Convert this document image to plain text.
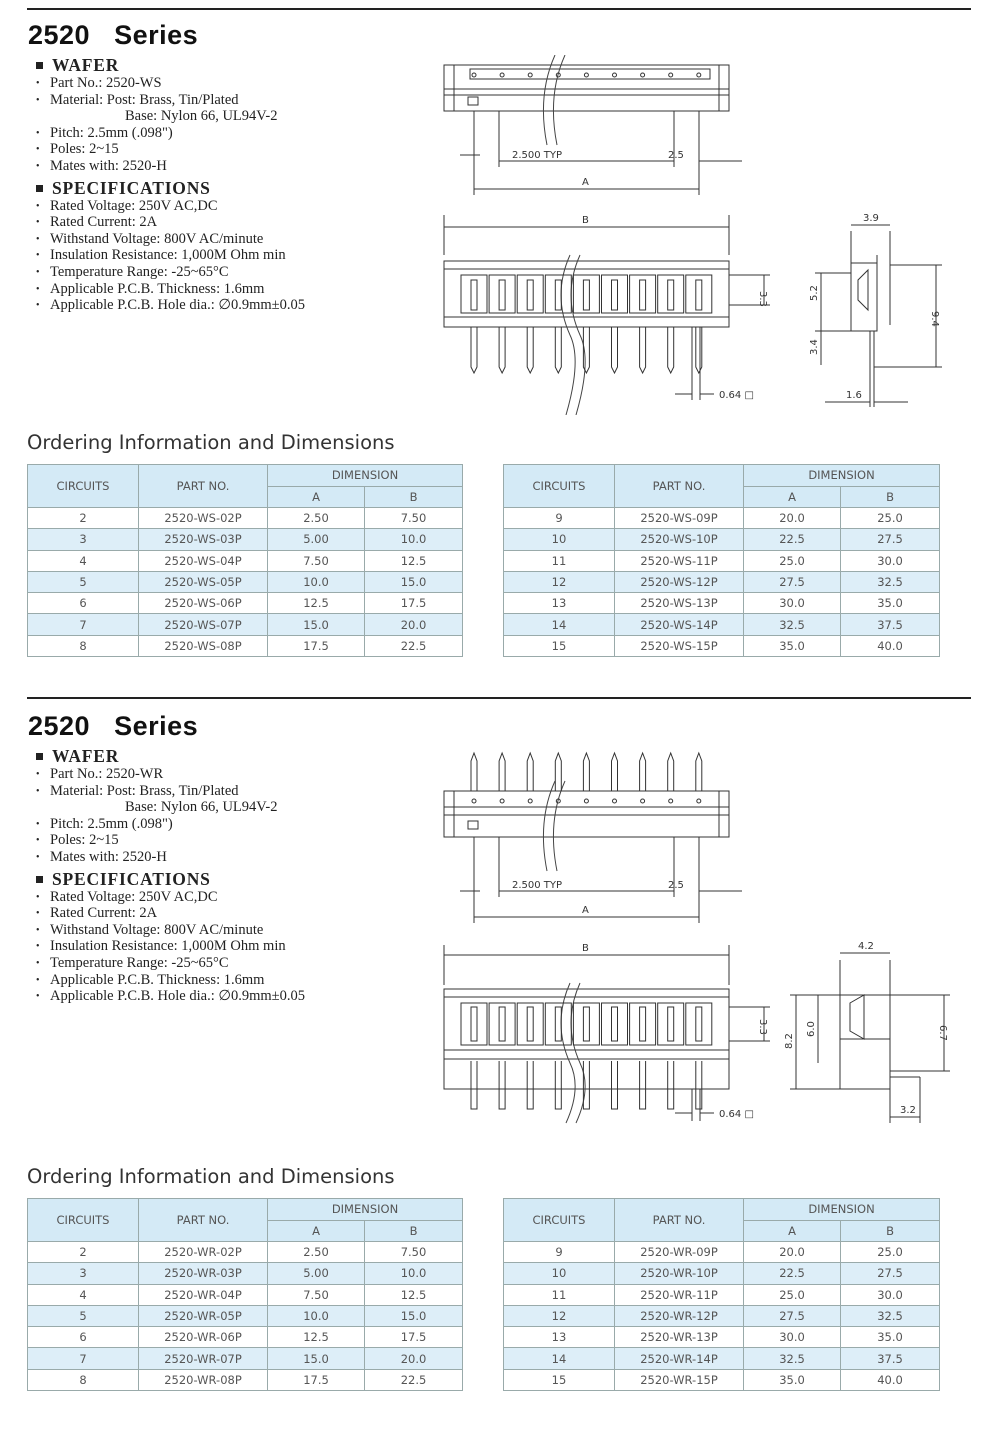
2520 Series
WAFER
• Part No.: 2520-WS
• Material: Post: Brass, Tin/Plated
Base: Nylon 66, UL94V-2
• Pitch: 2.5mm (.098")
• Poles: 2~15
• Mates with: 2520-H
SPECIFICATIONS
• Rated Voltage: 250V AC,DC
• Rated Current: 2A
• Withstand Voltage: 800V AC/minute
• Insulation Resistance: 1,000M Ohm min
• Temperature Range: -25~65°C
• Applicable P.C.B. Thickness: 1.6mm
• Applicable P.C.B. Hole dia.: ∅0.9mm±0.05
2.500 TYP	2.5
A
B
3.3
0.64 □
3.9
5.2
3.4
9.4
1.6
Ordering Information and Dimensions
CIRCUITS	PART NO.	DIMENSION	
		A	B
2	2520-WS-02P	2.50	7.50
3	2520-WS-03P	5.00	10.0
4	2520-WS-04P	7.50	12.5
5	2520-WS-05P	10.0	15.0
6	2520-WS-06P	12.5	17.5
7	2520-WS-07P	15.0	20.0
8	2520-WS-08P	17.5	22.5
CIRCUITS	PART NO.	DIMENSION	
		A	B
9	2520-WS-09P	20.0	25.0
10	2520-WS-10P	22.5	27.5
11	2520-WS-11P	25.0	30.0
12	2520-WS-12P	27.5	32.5
13	2520-WS-13P	30.0	35.0
14	2520-WS-14P	32.5	37.5
15	2520-WS-15P	35.0	40.0
2520 Series
WAFER
• Part No.: 2520-WR
• Material: Post: Brass, Tin/Plated
Base: Nylon 66, UL94V-2
• Pitch: 2.5mm (.098")
• Poles: 2~15
• Mates with: 2520-H
SPECIFICATIONS
• Rated Voltage: 250V AC,DC
• Rated Current: 2A
• Withstand Voltage: 800V AC/minute
• Insulation Resistance: 1,000M Ohm min
• Temperature Range: -25~65°C
• Applicable P.C.B. Thickness: 1.6mm
• Applicable P.C.B. Hole dia.: ∅0.9mm±0.05
2.500 TYP	2.5
A
B
3.3
0.64 □
4.2
8.2
6.0	6.7
3.2
Ordering Information and Dimensions
CIRCUITS	PART NO.	DIMENSION	
		A	B
2	2520-WR-02P	2.50	7.50
3	2520-WR-03P	5.00	10.0
4	2520-WR-04P	7.50	12.5
5	2520-WR-05P	10.0	15.0
6	2520-WR-06P	12.5	17.5
7	2520-WR-07P	15.0	20.0
8	2520-WR-08P	17.5	22.5
CIRCUITS	PART NO.	DIMENSION	
		A	B
9	2520-WR-09P	20.0	25.0
10	2520-WR-10P	22.5	27.5
11	2520-WR-11P	25.0	30.0
12	2520-WR-12P	27.5	32.5
13	2520-WR-13P	30.0	35.0
14	2520-WR-14P	32.5	37.5
15	2520-WR-15P	35.0	40.0
